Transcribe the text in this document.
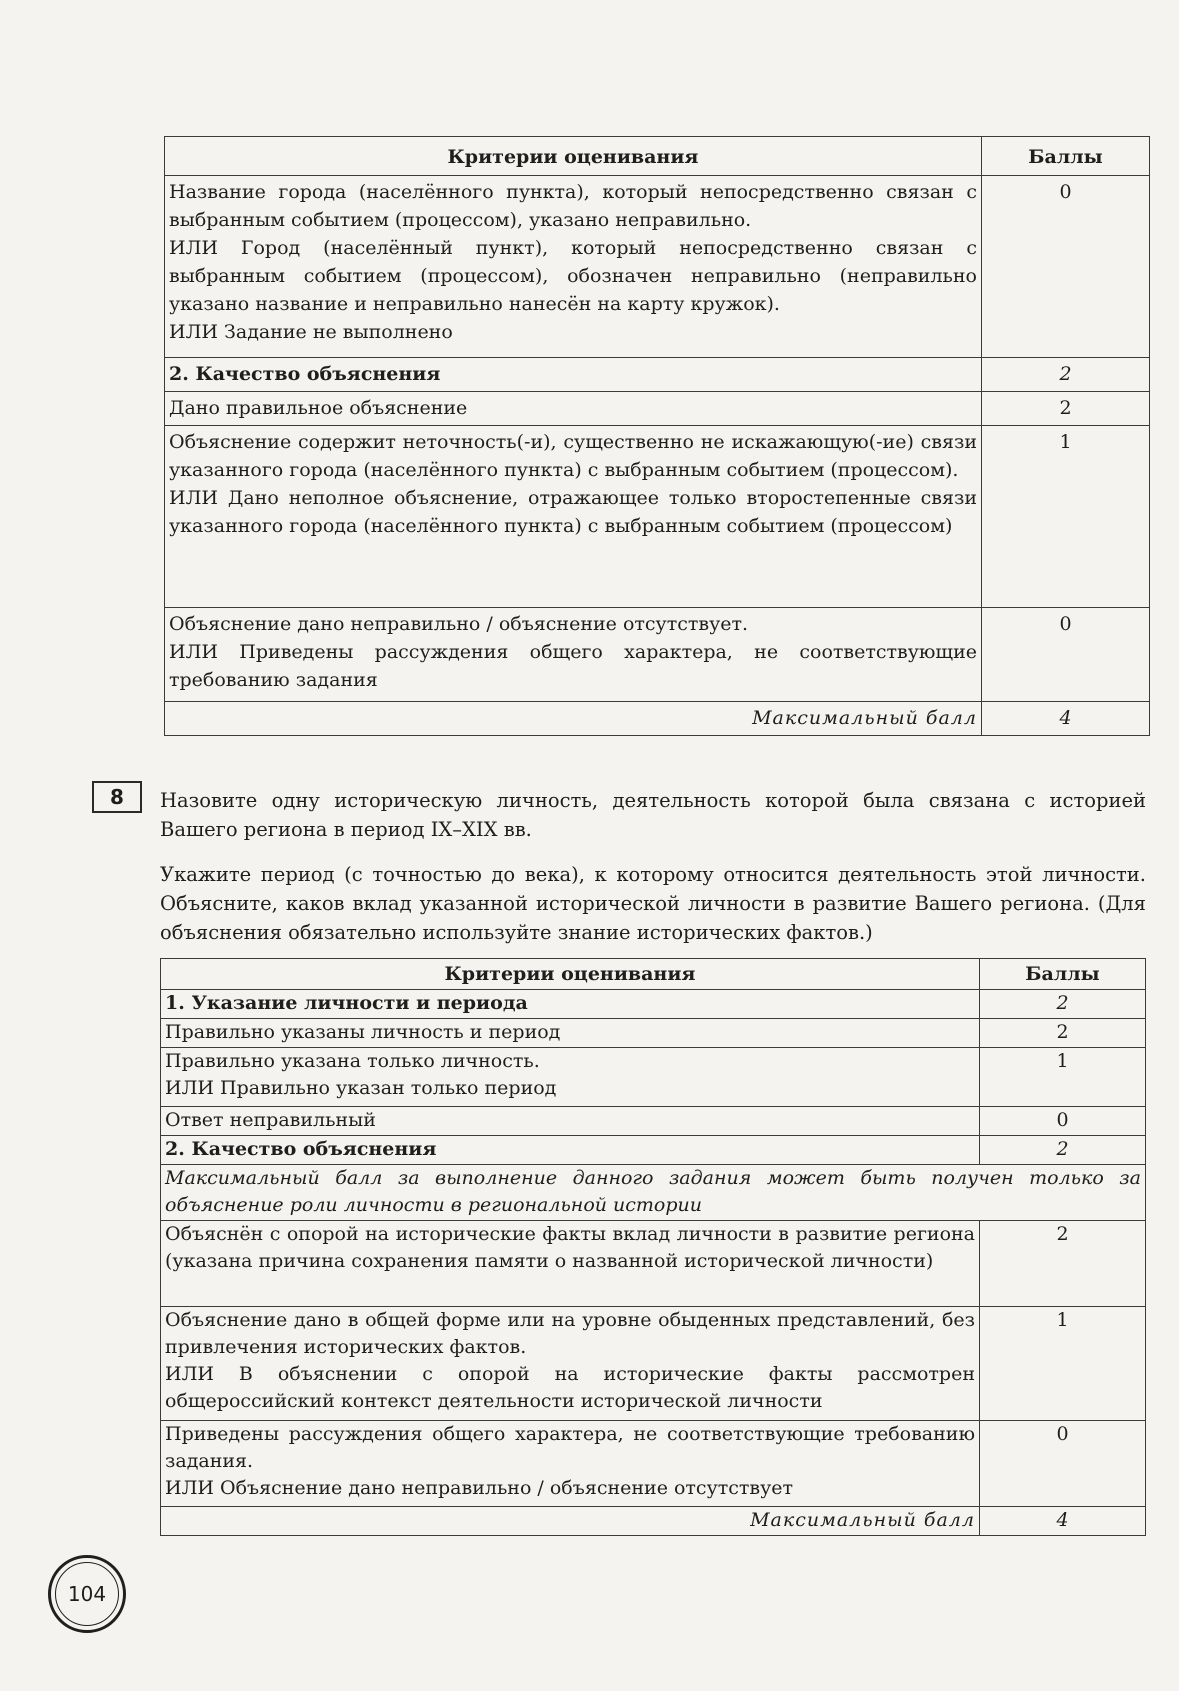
Критерии оценивания	Баллы
Название города (населённого пункта), который непосредственно связан с выбранным событием (процессом), указано неправильно.
ИЛИ Город (населённый пункт), который непосредственно связан с выбранным событием (процессом), обозначен неправильно (неправильно указано название и неправильно нанесён на карту кружок).
ИЛИ Задание не выполнено	0
2. Качество объяснения	2
Дано правильное объяснение	2
Объяснение содержит неточность(-и), существенно не искажающую(-ие) связи указанного города (населённого пункта) с выбранным событием (процессом).
ИЛИ Дано неполное объяснение, отражающее только второстепенные связи указанного города (населённого пункта) с выбранным событием (процессом)	1
Объяснение дано неправильно / объяснение отсутствует.
ИЛИ Приведены рассуждения общего характера, не соответствующие требованию задания	0
Максимальный балл	4
8	Назовите одну историческую личность, деятельность которой была связана с историей Вашего региона в период IX–XIX вв.
Укажите период (с точностью до века), к которому относится деятельность этой личности. Объясните, каков вклад указанной исторической личности в развитие Вашего региона. (Для объяснения обязательно используйте знание исторических фактов.)
Критерии оценивания	Баллы
1. Указание личности и периода	2
Правильно указаны личность и период	2
Правильно указана только личность.
ИЛИ Правильно указан только период	1
Ответ неправильный	0
2. Качество объяснения	2
Максимальный балл за выполнение данного задания может быть получен только за объяснение роли личности в региональной истории	
Объяснён с опорой на исторические факты вклад личности в развитие региона (указана причина сохранения памяти о названной исторической личности)	2
Объяснение дано в общей форме или на уровне обыденных представлений, без привлечения исторических фактов.
ИЛИ В объяснении с опорой на исторические факты рассмотрен общероссийский контекст деятельности исторической личности	1
Приведены рассуждения общего характера, не соответствующие требованию задания.
ИЛИ Объяснение дано неправильно / объяснение отсутствует	0
Максимальный балл	4
104
